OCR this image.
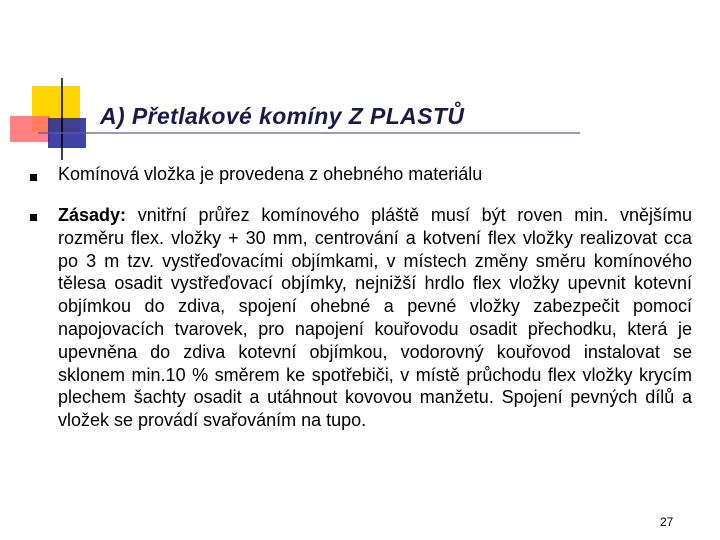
A) Přetlakové komíny Z PLASTŮ
Komínová vložka je provedena z ohebného materiálu
Zásady: vnitřní průřez komínového pláště musí být roven min. vnějšímu rozměru flex. vložky + 30 mm, centrování a kotvení flex vložky realizovat cca po 3 m tzv. vystřeďovacími objímkami, v místech změny směru komínového tělesa osadit vystřeďovací objímky, nejnižší hrdlo flex vložky upevnit kotevní objímkou do zdiva, spojení ohebné a pevné vložky zabezpečit pomocí napojovacích tvarovek, pro napojení kouřovodu osadit přechodku, která je upevněna do zdiva kotevní objímkou, vodorovný kouřovod instalovat se sklonem min.10 % směrem ke spotřebiči, v místě průchodu flex vložky krycím plechem šachty osadit a utáhnout kovovou manžetu. Spojení pevných dílů a vložek se provádí svařováním na tupo.
27
